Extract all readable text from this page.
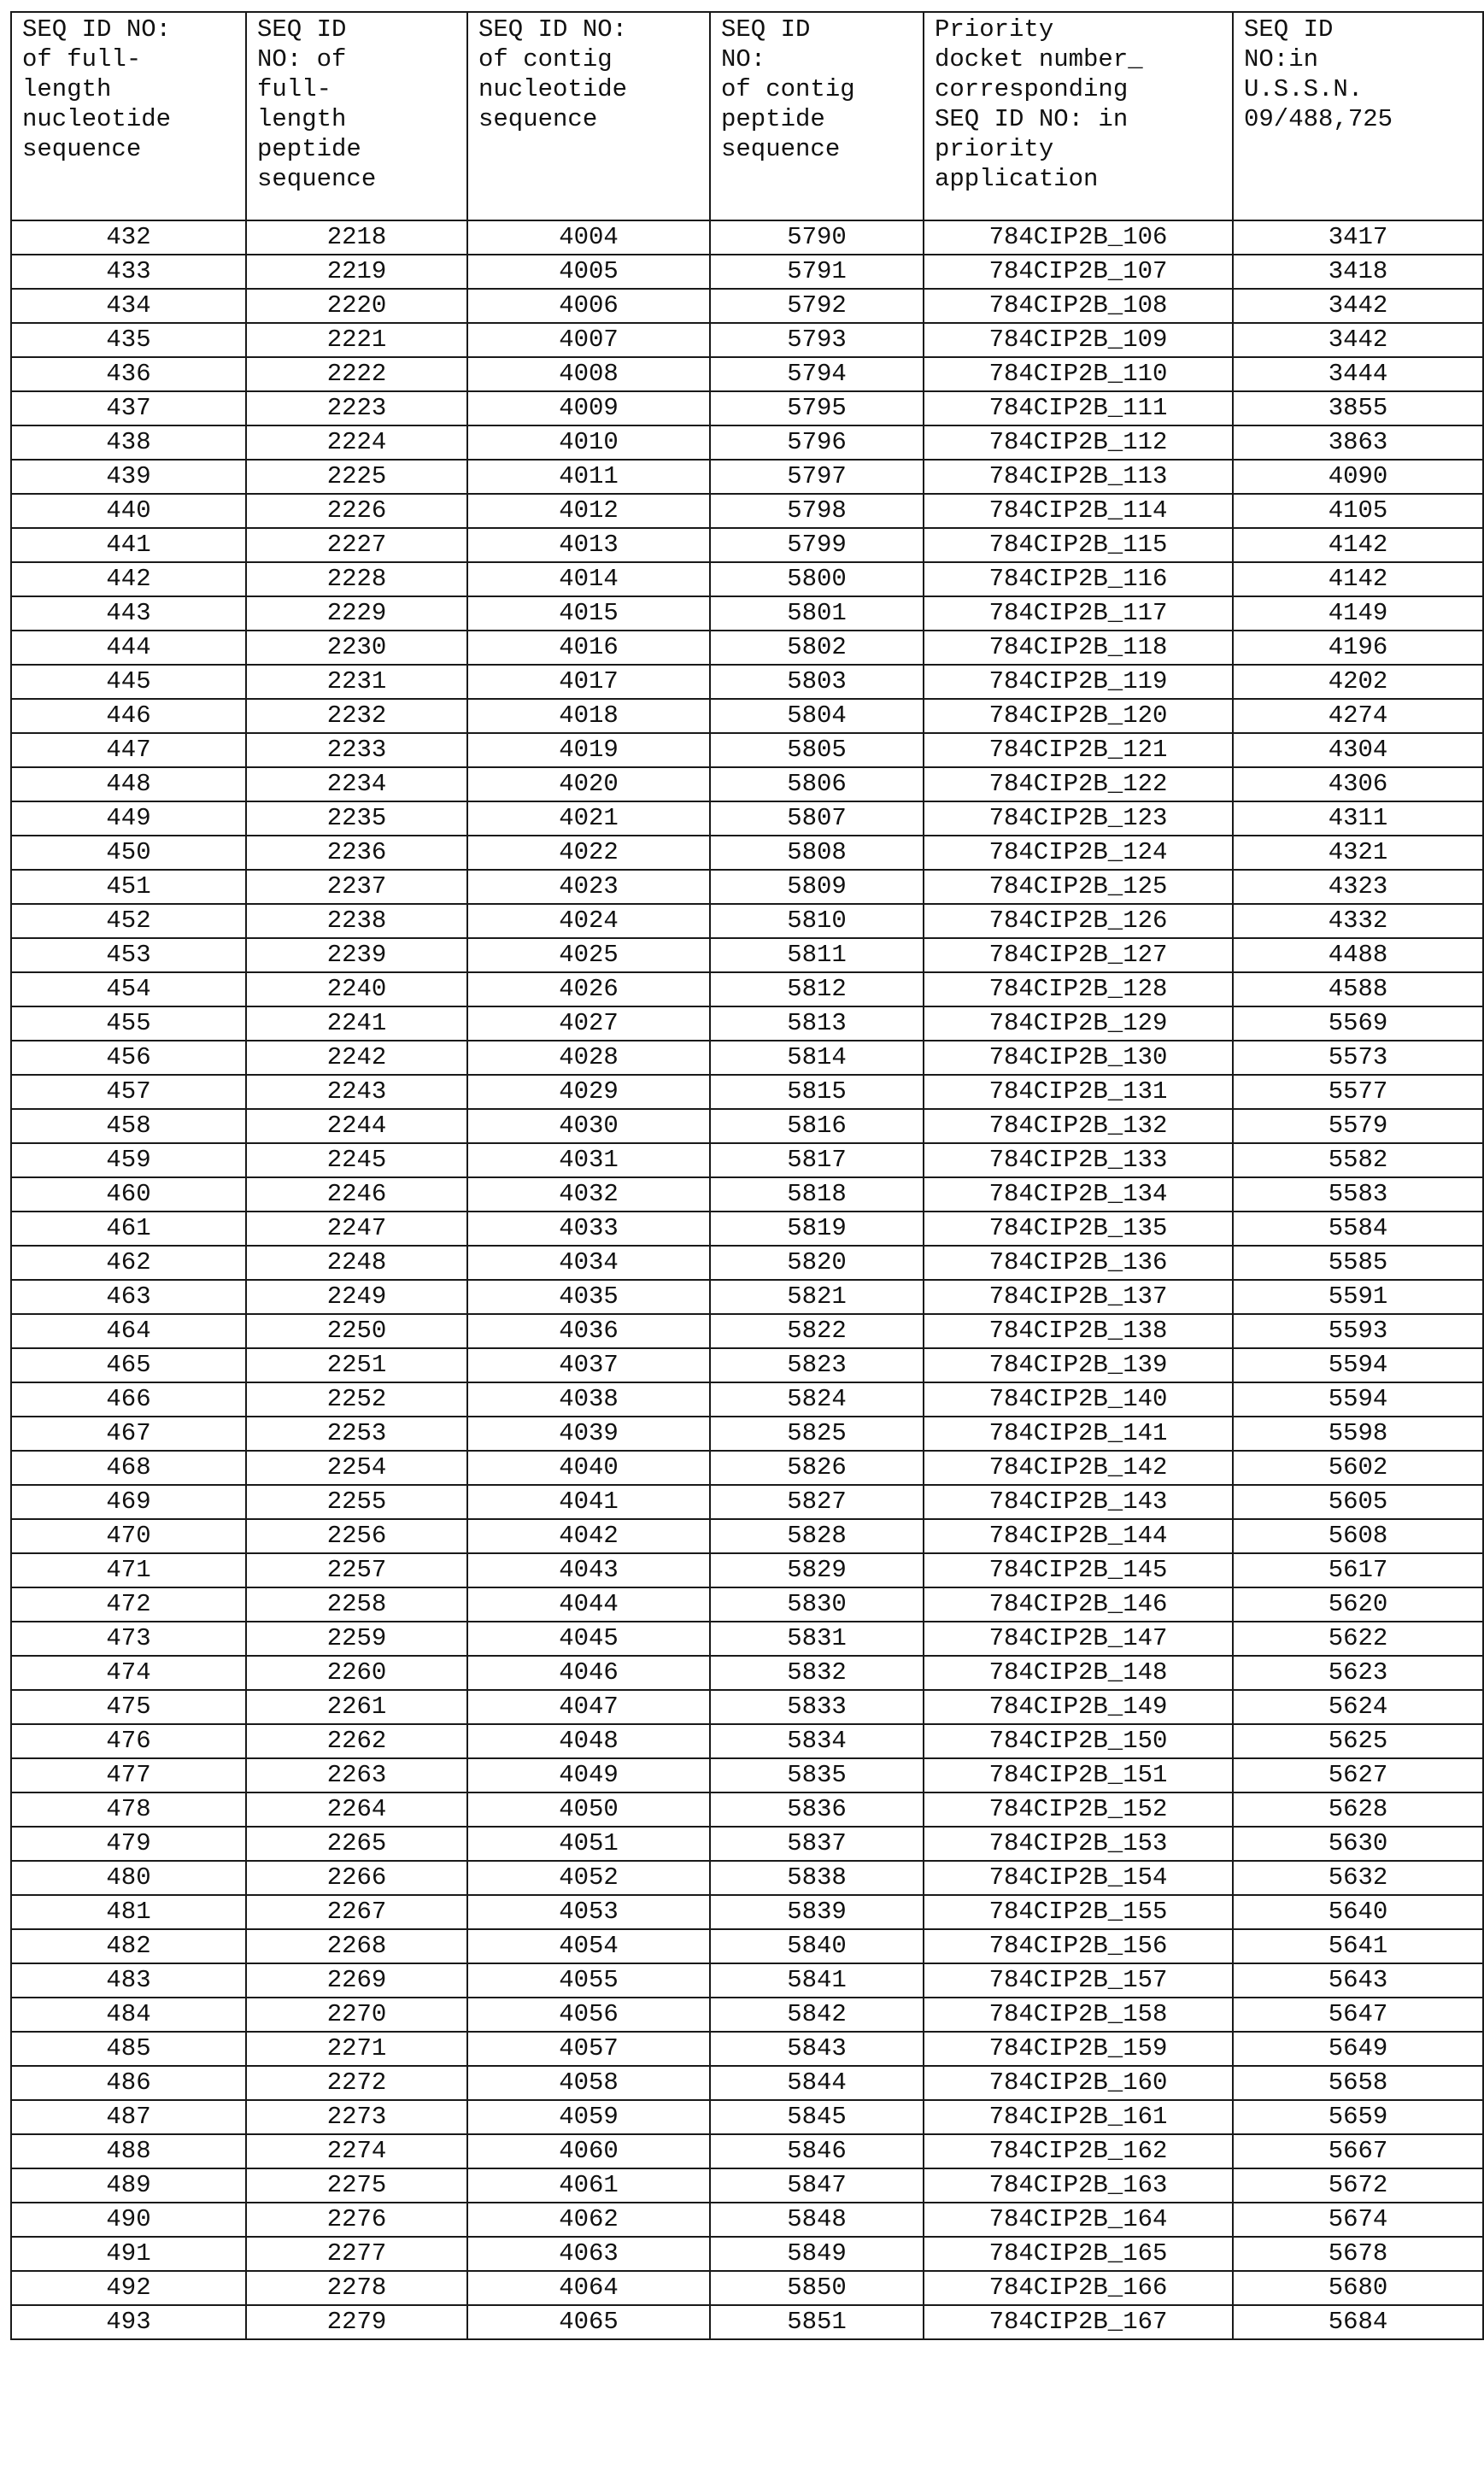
SEQ ID NO:
of full-
length
nucleotide
sequence	SEQ ID
NO: of
full-
length
peptide
sequence	SEQ ID NO:
of contig
nucleotide
sequence	SEQ ID
NO:
of contig
peptide
sequence	Priority
docket number_
corresponding
SEQ ID NO: in
priority
application	SEQ ID
NO:in
U.S.S.N.
09/488,725
432	2218	4004	5790	784CIP2B_106	3417
433	2219	4005	5791	784CIP2B_107	3418
434	2220	4006	5792	784CIP2B_108	3442
435	2221	4007	5793	784CIP2B_109	3442
436	2222	4008	5794	784CIP2B_110	3444
437	2223	4009	5795	784CIP2B_111	3855
438	2224	4010	5796	784CIP2B_112	3863
439	2225	4011	5797	784CIP2B_113	4090
440	2226	4012	5798	784CIP2B_114	4105
441	2227	4013	5799	784CIP2B_115	4142
442	2228	4014	5800	784CIP2B_116	4142
443	2229	4015	5801	784CIP2B_117	4149
444	2230	4016	5802	784CIP2B_118	4196
445	2231	4017	5803	784CIP2B_119	4202
446	2232	4018	5804	784CIP2B_120	4274
447	2233	4019	5805	784CIP2B_121	4304
448	2234	4020	5806	784CIP2B_122	4306
449	2235	4021	5807	784CIP2B_123	4311
450	2236	4022	5808	784CIP2B_124	4321
451	2237	4023	5809	784CIP2B_125	4323
452	2238	4024	5810	784CIP2B_126	4332
453	2239	4025	5811	784CIP2B_127	4488
454	2240	4026	5812	784CIP2B_128	4588
455	2241	4027	5813	784CIP2B_129	5569
456	2242	4028	5814	784CIP2B_130	5573
457	2243	4029	5815	784CIP2B_131	5577
458	2244	4030	5816	784CIP2B_132	5579
459	2245	4031	5817	784CIP2B_133	5582
460	2246	4032	5818	784CIP2B_134	5583
461	2247	4033	5819	784CIP2B_135	5584
462	2248	4034	5820	784CIP2B_136	5585
463	2249	4035	5821	784CIP2B_137	5591
464	2250	4036	5822	784CIP2B_138	5593
465	2251	4037	5823	784CIP2B_139	5594
466	2252	4038	5824	784CIP2B_140	5594
467	2253	4039	5825	784CIP2B_141	5598
468	2254	4040	5826	784CIP2B_142	5602
469	2255	4041	5827	784CIP2B_143	5605
470	2256	4042	5828	784CIP2B_144	5608
471	2257	4043	5829	784CIP2B_145	5617
472	2258	4044	5830	784CIP2B_146	5620
473	2259	4045	5831	784CIP2B_147	5622
474	2260	4046	5832	784CIP2B_148	5623
475	2261	4047	5833	784CIP2B_149	5624
476	2262	4048	5834	784CIP2B_150	5625
477	2263	4049	5835	784CIP2B_151	5627
478	2264	4050	5836	784CIP2B_152	5628
479	2265	4051	5837	784CIP2B_153	5630
480	2266	4052	5838	784CIP2B_154	5632
481	2267	4053	5839	784CIP2B_155	5640
482	2268	4054	5840	784CIP2B_156	5641
483	2269	4055	5841	784CIP2B_157	5643
484	2270	4056	5842	784CIP2B_158	5647
485	2271	4057	5843	784CIP2B_159	5649
486	2272	4058	5844	784CIP2B_160	5658
487	2273	4059	5845	784CIP2B_161	5659
488	2274	4060	5846	784CIP2B_162	5667
489	2275	4061	5847	784CIP2B_163	5672
490	2276	4062	5848	784CIP2B_164	5674
491	2277	4063	5849	784CIP2B_165	5678
492	2278	4064	5850	784CIP2B_166	5680
493	2279	4065	5851	784CIP2B_167	5684
